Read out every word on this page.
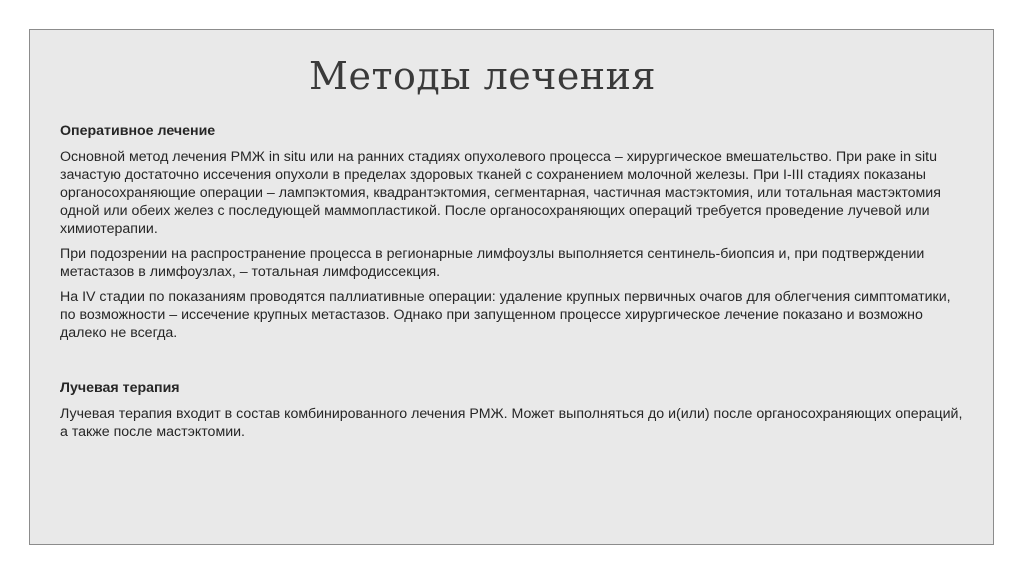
Методы лечения
Оперативное лечение

Основной метод лечения РМЖ in situ или на ранних стадиях опухолевого процесса – хирургическое вмешательство. При раке in situ зачастую достаточно иссечения опухоли в пределах здоровых тканей с сохранением молочной железы. При I-III стадиях показаны органосохраняющие операции – лампэктомия, квадрантэктомия, сегментарная, частичная мастэктомия, или тотальная мастэктомия одной или обеих желез с последующей маммопластикой. После органосохраняющих операций требуется проведение лучевой или химиотерапии.

При подозрении на распространение процесса в регионарные лимфоузлы выполняется сентинель-биопсия и, при подтверждении метастазов в лимфоузлах, – тотальная лимфодиссекция.

На IV стадии по показаниям проводятся паллиативные операции: удаление крупных первичных очагов для облегчения симптоматики, по возможности – иссечение крупных метастазов. Однако при запущенном процессе хирургическое лечение показано и возможно далеко не всегда.

Лучевая терапия

Лучевая терапия входит в состав комбинированного лечения РМЖ. Может выполняться до и(или) после органосохраняющих операций, а также после мастэктомии.
